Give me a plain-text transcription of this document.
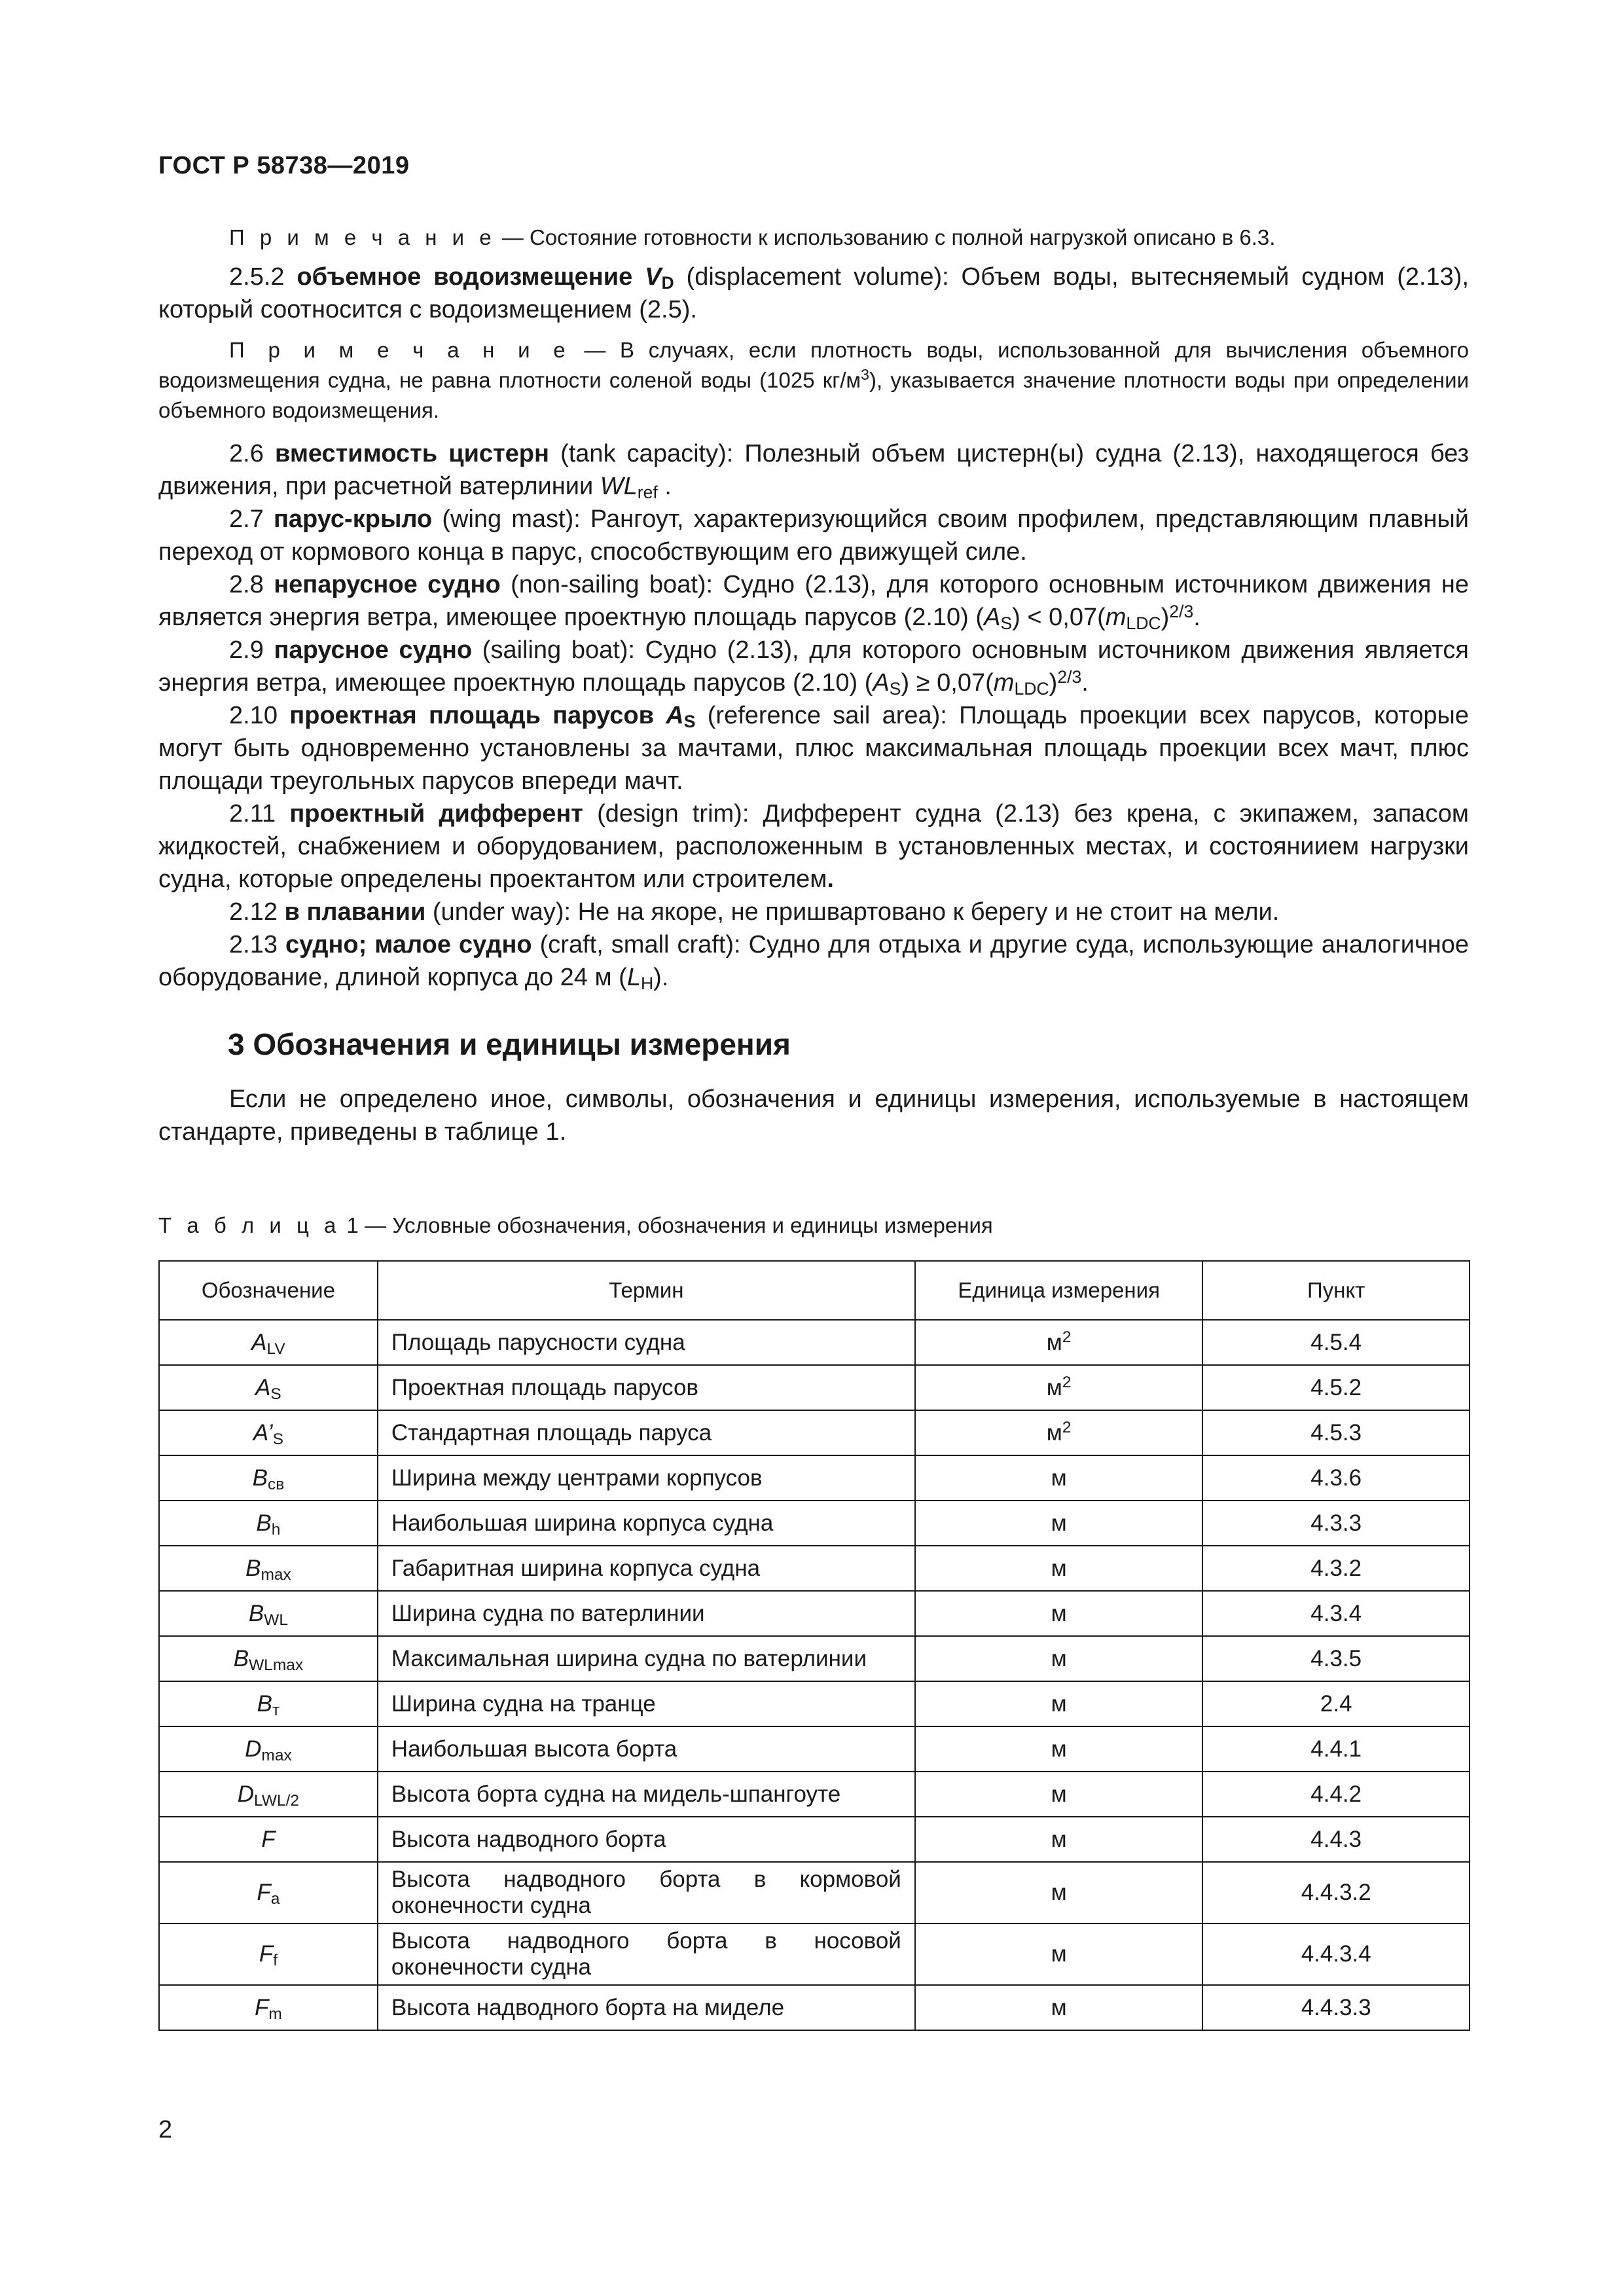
ГОСТ Р 58738—2019

П р и м е ч а н и е — Состояние готовности к использованию с полной нагрузкой описано в 6.3.

2.5.2 объемное водоизмещение $V_D$ (displacement volume): Объем воды, вытесняемый судном (2.13), который соотносится с водоизмещением (2.5).

П р и м е ч а н и е — В случаях, если плотность воды, использованной для вычисления объемного водоизмещения судна, не равна плотности соленой воды (1025 $кг/м^3$), указывается значение плотности воды при определении объемного водоизмещения.

2.6 вместимость цистерн (tank capacity): Полезный объем цистерн(ы) судна (2.13), находящегося без движения, при расчетной ватерлинии $WL_{ref}$ .

2.7 парус-крыло (wing mast): Рангоут, характеризующийся своим профилем, представляющим плавный переход от кормового конца в парус, способствующим его движущей силе.

2.8 непарусное судно (non-sailing boat): Судно (2.13), для которого основным источником движения не является энергия ветра, имеющее проектную площадь парусов (2.10) $(A_S) < 0,07(m_{LDC})^{2/3}$.

2.9 парусное судно (sailing boat): Судно (2.13), для которого основным источником движения является энергия ветра, имеющее проектную площадь парусов (2.10) $(A_S) \ge 0,07(m_{LDC})^{2/3}$.

2.10 проектная площадь парусов $A_S$ (reference sail area): Площадь проекции всех парусов, которые могут быть одновременно установлены за мачтами, плюс максимальная площадь проекции всех мачт, плюс площади треугольных парусов впереди мачт.

2.11 проектный дифферент (design trim): Дифферент судна (2.13) без крена, с экипажем, запасом жидкостей, снабжением и оборудованием, расположенным в установленных местах, и состояниием нагрузки судна, которые определены проектантом или строителем.

2.12 в плавании (under way): Не на якоре, не пришвартовано к берегу и не стоит на мели.

2.13 судно; малое судно (craft, small craft): Судно для отдыха и другие суда, использующие аналогичное оборудование, длиной корпуса до 24 м $(L_H)$.

3 Обозначения и единицы измерения

Если не определено иное, символы, обозначения и единицы измерения, используемые в настоящем стандарте, приведены в таблице 1.

Т а б л и ц а 1 — Условные обозначения, обозначения и единицы измерения
Обозначение	Термин	Единица измерения	Пункт
$A_{LV}$	Площадь парусности судна	$м^2$	4.5.4
$A_S$	Проектная площадь парусов	$м^2$	4.5.2
$A’_S$	Стандартная площадь паруса	$м^2$	4.5.3
$B_{cв}$	Ширина между центрами корпусов	м	4.3.6
$B_h$	Наибольшая ширина корпуса судна	м	4.3.3
$B_{max}$	Габаритная ширина корпуса судна	м	4.3.2
$B_{WL}$	Ширина судна по ватерлинии	м	4.3.4
$B_{WLmax}$	Максимальная ширина судна по ватерлинии	м	4.3.5
$B_т$	Ширина судна на транце	м	2.4
$D_{max}$	Наибольшая высота борта	м	4.4.1
$D_{LWL/2}$	Высота борта судна на мидель-шпангоуте	м	4.4.2
F	Высота надводного борта	м	4.4.3
$F_a$	Высота надводного борта в кормовой оконечности судна	м	4.4.3.2
$F_f$	Высота надводного борта в носовой оконечности судна	м	4.4.3.4
$F_m$	Высота надводного борта на миделе	м	4.4.3.3
2
